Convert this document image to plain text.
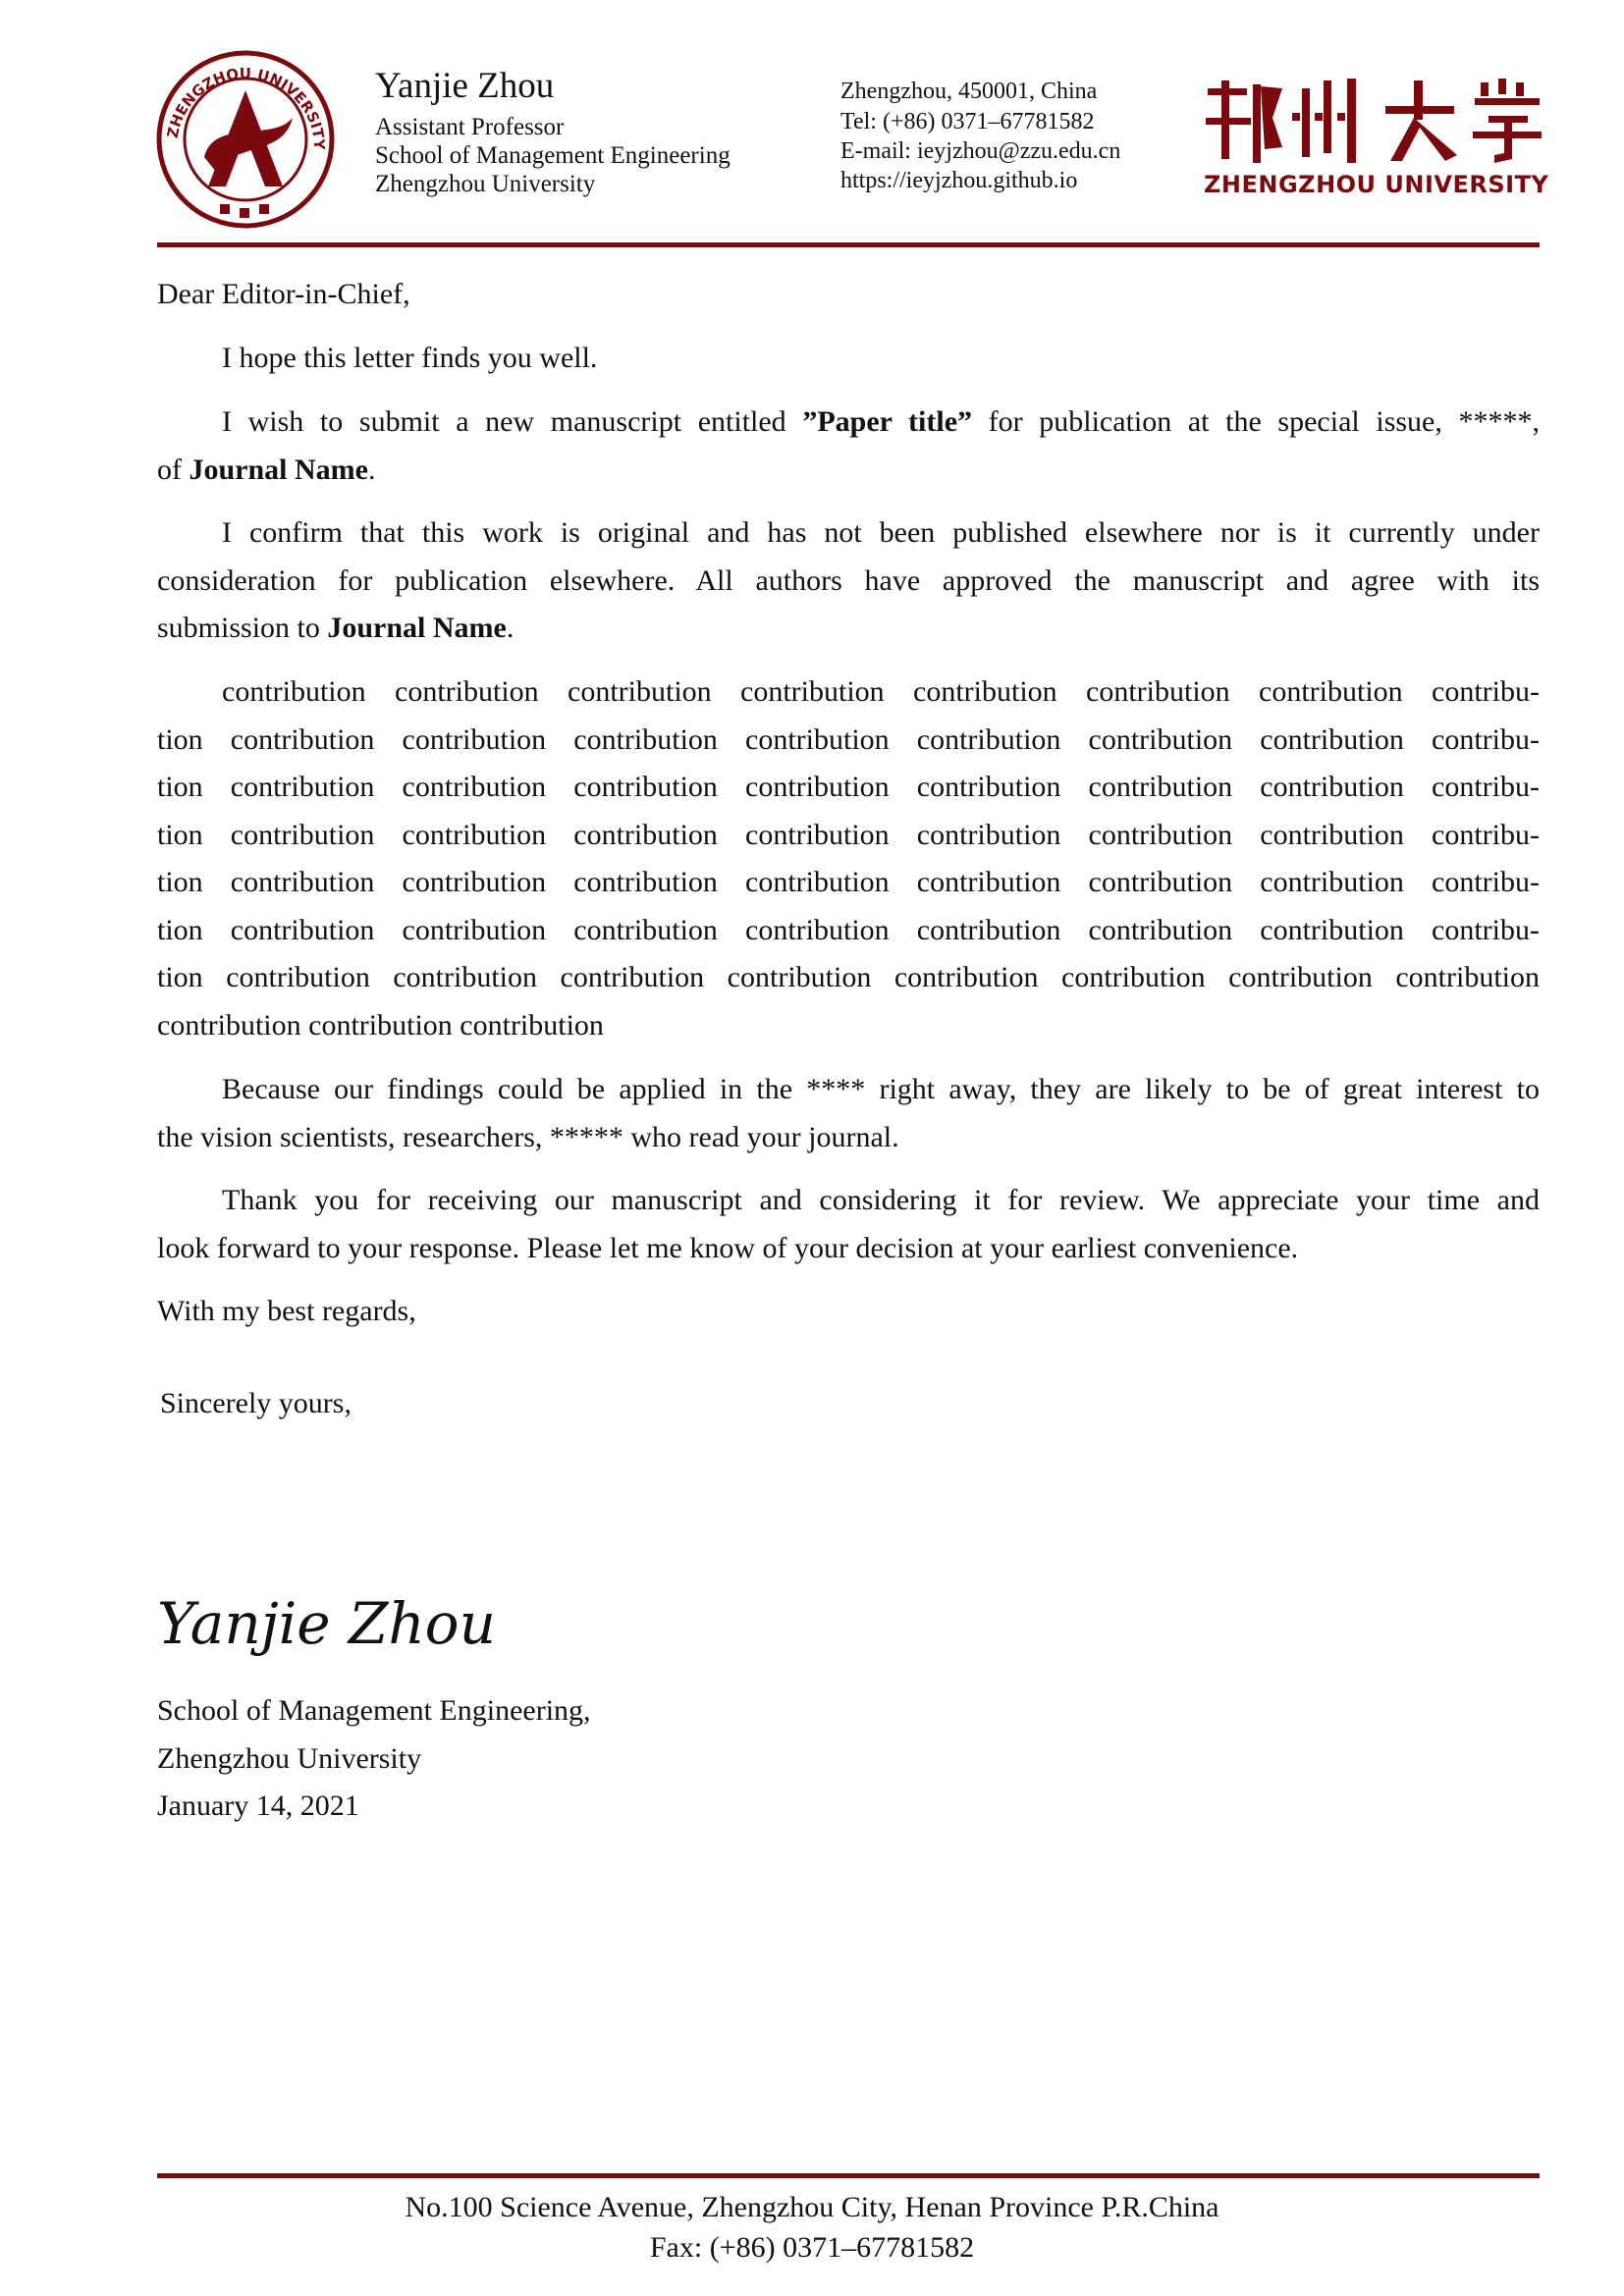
ZHENGZHOU UNIVERSITY
Yanjie Zhou
Assistant Professor
School of Management Engineering
Zhengzhou University
Zhengzhou, 450001, China
Tel: (+86) 0371–67781582
E-mail: ieyjzhou@zzu.edu.cn
https://ieyjzhou.github.io	ZHENGZHOU UNIVERSITY
Dear Editor-in-Chief,
I hope this letter finds you well.
I wish to submit a new manuscript entitled ”Paper title” for publication at the special issue, *****,
of Journal Name.
I confirm that this work is original and has not been published elsewhere nor is it currently under
consideration for publication elsewhere. All authors have approved the manuscript and agree with its
submission to Journal Name.
contribution contribution contribution contribution contribution contribution contribution contribu-
tion contribution contribution contribution contribution contribution contribution contribution contribu-
tion contribution contribution contribution contribution contribution contribution contribution contribu-
tion contribution contribution contribution contribution contribution contribution contribution contribu-
tion contribution contribution contribution contribution contribution contribution contribution contribu-
tion contribution contribution contribution contribution contribution contribution contribution contribu-
tion contribution contribution contribution contribution contribution contribution contribution contribution
contribution contribution contribution
Because our findings could be applied in the **** right away, they are likely to be of great interest to
the vision scientists, researchers, ***** who read your journal.
Thank you for receiving our manuscript and considering it for review. We appreciate your time and
look forward to your response. Please let me know of your decision at your earliest convenience.
With my best regards,
Sincerely yours,
Yanjie Zhou
School of Management Engineering,
Zhengzhou University
January 14, 2021
No.100 Science Avenue, Zhengzhou City, Henan Province P.R.China
Fax: (+86) 0371–67781582
